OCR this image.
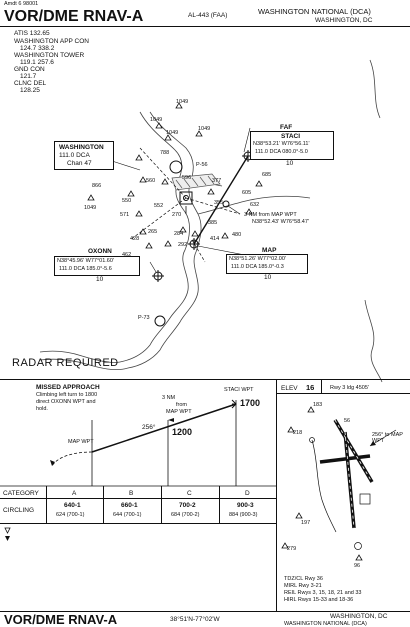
Amdt 6 98001
VOR/DME RNAV-A	AL-443 (FAA)	WASHINGTON NATIONAL (DCA)
WASHINGTON, DC
ATIS 132.65
WASHINGTON APP CON
124.7 338.2
WASHINGTON TOWER
119.1 257.6
GND CON
121.7
CLNC DEL
128.25
WASHINGTON
111.0 DCA
Chan 47
FAF
STACI
N38°53.21' W76°56.11'
111.0 DCA 080.0°-5.0
10
3 NM from MAP WPT
N38°52.43' W76°58.47'
MAP
N38°51.26' W77°02.00'
111.0 DCA 185.0°-0.3
10
OXONN
N38°45.96' W77°01.60'
111.0 DCA 185.0°-5.6
10
P-56
P-73
1049
1049
1049
1049
1049
866
550
552
571
428
265
462
560
270
284
292
355
685
632
605
385
414
480
377
596
788
RADAR REQUIRED
MISSED APPROACH
Climbing left turn to 1800
direct OXONN WPT and
hold.
MAP WPT
3 NM
from
MAP WPT
STACI WPT
256°
1700
1200
CATEGORY	A	B	C	D
CIRCLING
640-1	660-1	700-2	900-3
624 (700-1)	644 (700-1)	684 (700-2)	884 (900-3)
ELEV 16	Rwy 3 ldg 4505'
183
218
197
279
56
96
256° to MAP WPT
TDZ/CL Rwy 36
MIRL Rwy 3-21
REIL Rwys 3, 15, 18, 21 and 33
HIRL Rwys 15-33 and 18-36
VOR/DME RNAV-A	38°51'N-77°02'W	WASHINGTON, DC
WASHINGTON NATIONAL (DCA)
